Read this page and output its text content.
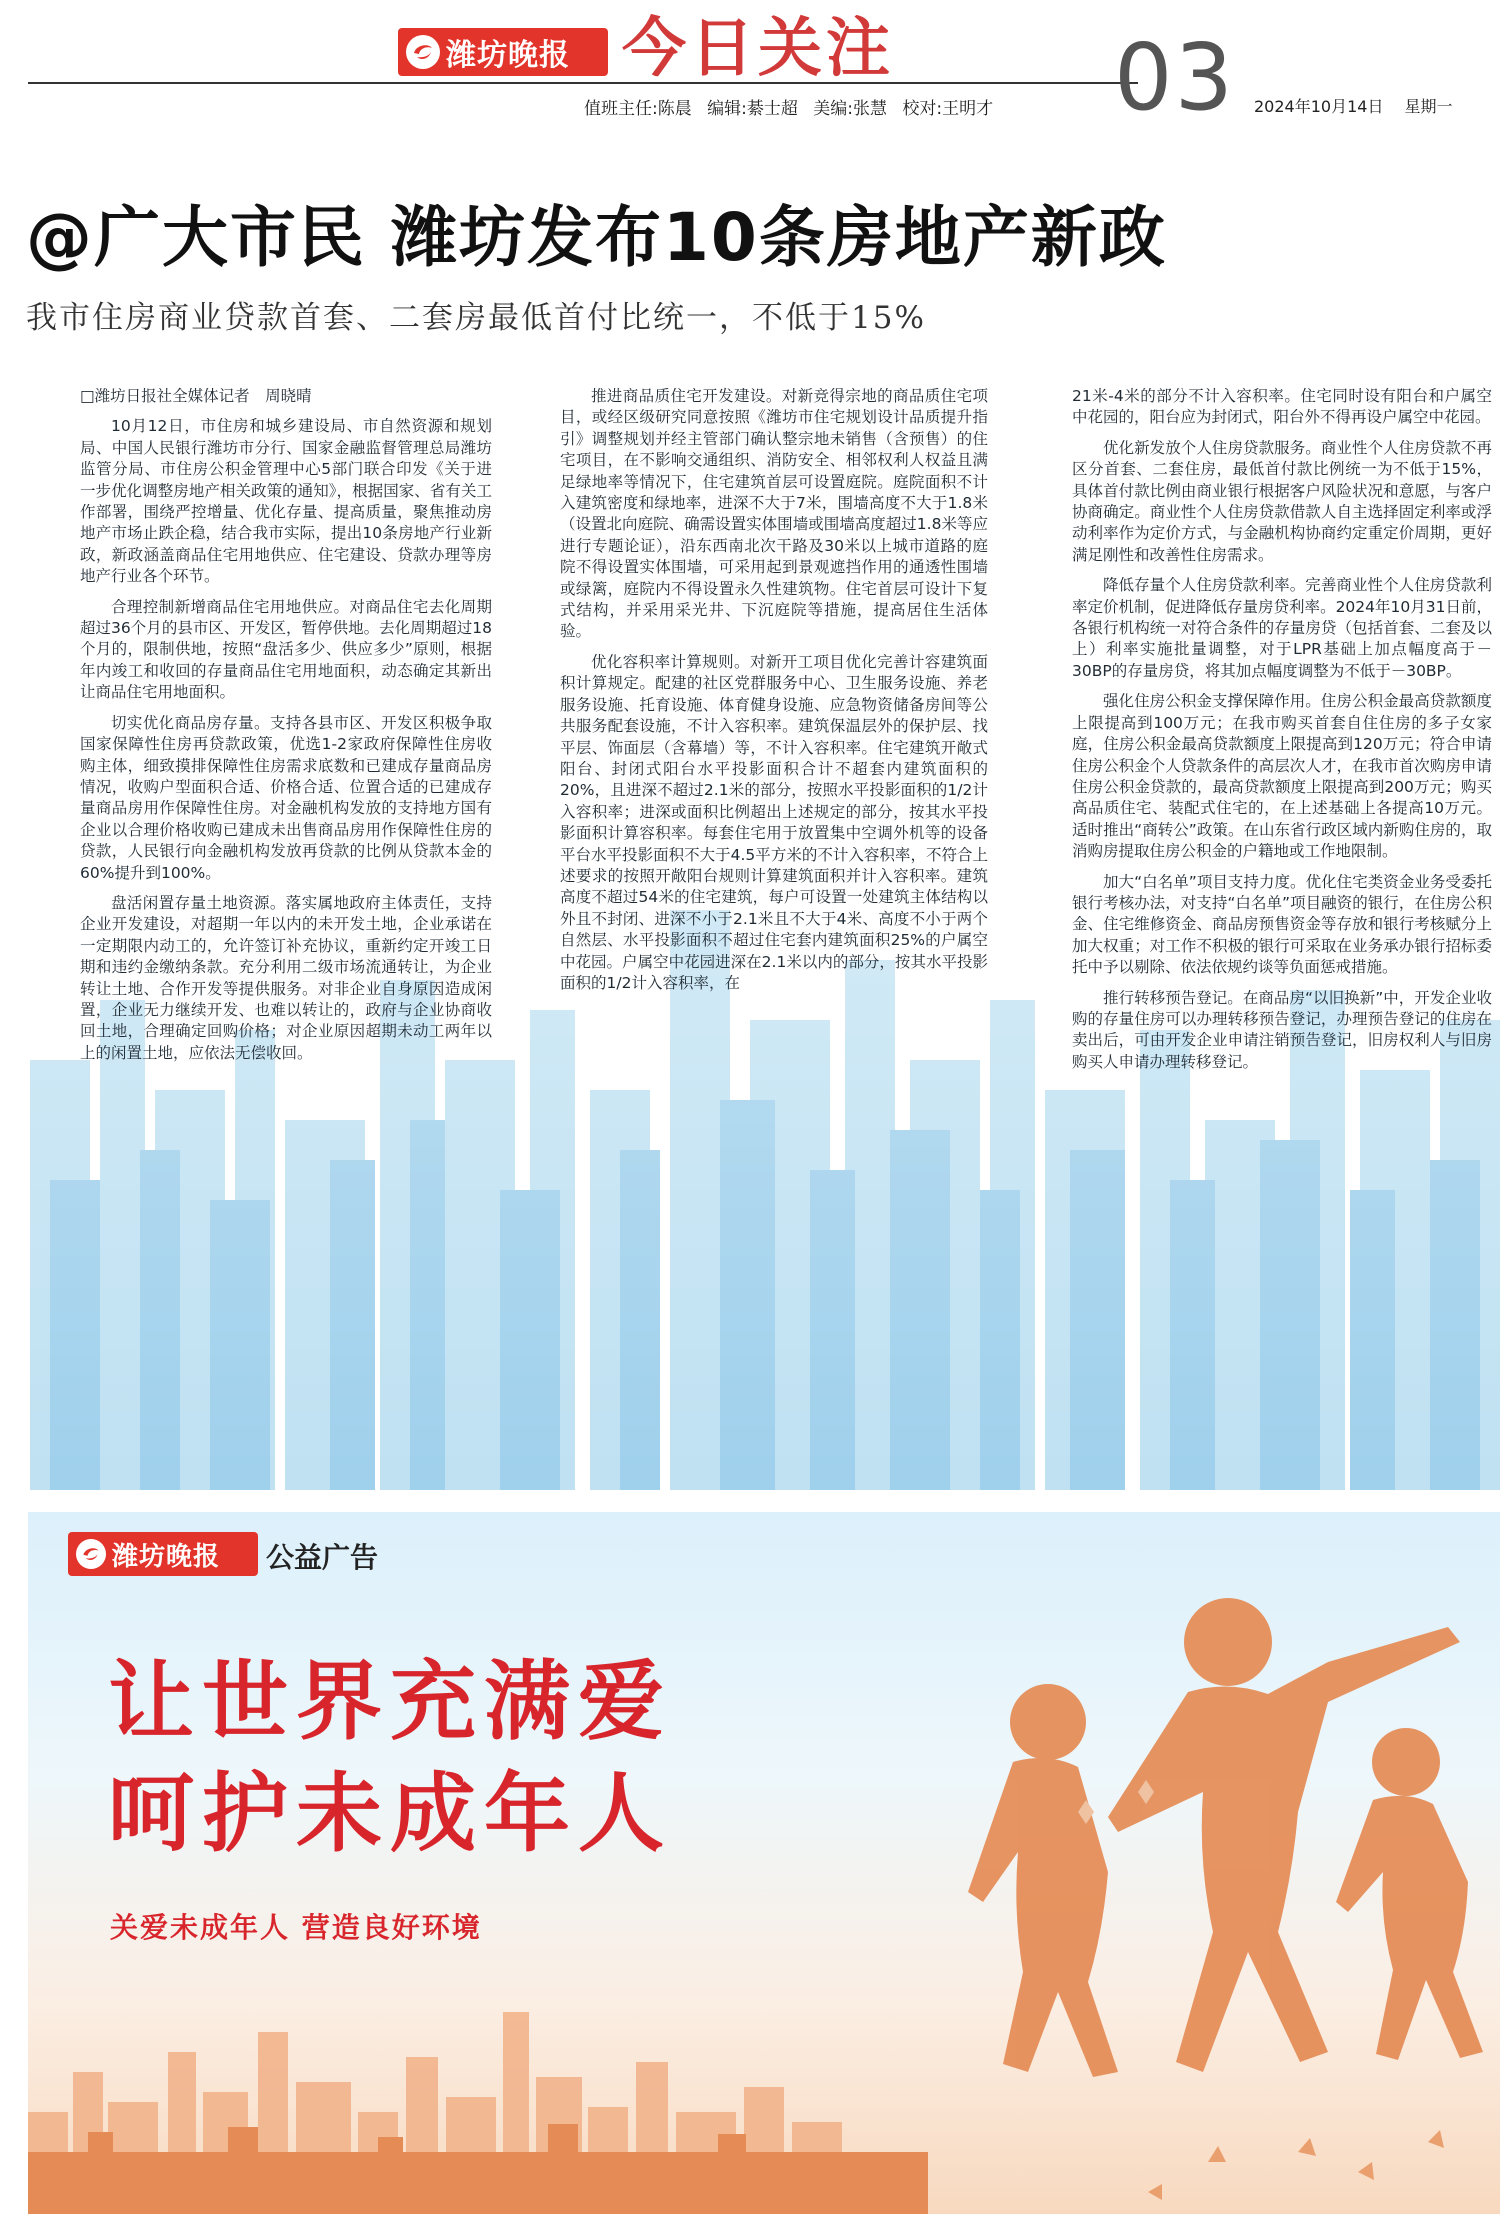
潍坊晚报 今日关注 03
值班主任:陈晨 编辑:綦士超 美编:张慧 校对:王明才	2024年10月14日 星期一
@广大市民 潍坊发布10条房地产新政
我市住房商业贷款首套、二套房最低首付比统一，不低于15%

□潍坊日报社全媒体记者　周晓晴

10月12日，市住房和城乡建设局、市自然资源和规划局、中国人民银行潍坊市分行、国家金融监督管理总局潍坊监管分局、市住房公积金管理中心5部门联合印发《关于进一步优化调整房地产相关政策的通知》，根据国家、省有关工作部署，围绕严控增量、优化存量、提高质量，聚焦推动房地产市场止跌企稳，结合我市实际，提出10条房地产行业新政，新政涵盖商品住宅用地供应、住宅建设、贷款办理等房地产行业各个环节。

合理控制新增商品住宅用地供应。对商品住宅去化周期超过36个月的县市区、开发区，暂停供地。去化周期超过18个月的，限制供地，按照“盘活多少、供应多少”原则，根据年内竣工和收回的存量商品住宅用地面积，动态确定其新出让商品住宅用地面积。

切实优化商品房存量。支持各县市区、开发区积极争取国家保障性住房再贷款政策，优选1-2家政府保障性住房收购主体，细致摸排保障性住房需求底数和已建成存量商品房情况，收购户型面积合适、价格合适、位置合适的已建成存量商品房用作保障性住房。对金融机构发放的支持地方国有企业以合理价格收购已建成未出售商品房用作保障性住房的贷款，人民银行向金融机构发放再贷款的比例从贷款本金的60%提升到100%。

盘活闲置存量土地资源。落实属地政府主体责任，支持企业开发建设，对超期一年以内的未开发土地，企业承诺在一定期限内动工的，允许签订补充协议，重新约定开竣工日期和违约金缴纳条款。充分利用二级市场流通转让，为企业转让土地、合作开发等提供服务。对非企业自身原因造成闲置，企业无力继续开发、也难以转让的，政府与企业协商收回土地，合理确定回购价格；对企业原因超期未动工两年以上的闲置土地，应依法无偿收回。

推进商品质住宅开发建设。对新竞得宗地的商品质住宅项目，或经区级研究同意按照《潍坊市住宅规划设计品质提升指引》调整规划并经主管部门确认整宗地未销售（含预售）的住宅项目，在不影响交通组织、消防安全、相邻权利人权益且满足绿地率等情况下，住宅建筑首层可设置庭院。庭院面积不计入建筑密度和绿地率，进深不大于7米，围墙高度不大于1.8米（设置北向庭院、确需设置实体围墙或围墙高度超过1.8米等应进行专题论证），沿东西南北次干路及30米以上城市道路的庭院不得设置实体围墙，可采用起到景观遮挡作用的通透性围墙或绿篱，庭院内不得设置永久性建筑物。住宅首层可设计下复式结构，并采用采光井、下沉庭院等措施，提高居住生活体验。

优化容积率计算规则。对新开工项目优化完善计容建筑面积计算规定。配建的社区党群服务中心、卫生服务设施、养老服务设施、托育设施、体育健身设施、应急物资储备房间等公共服务配套设施，不计入容积率。建筑保温层外的保护层、找平层、饰面层（含幕墙）等，不计入容积率。住宅建筑开敞式阳台、封闭式阳台水平投影面积合计不超套内建筑面积的20%，且进深不超过2.1米的部分，按照水平投影面积的1/2计入容积率；进深或面积比例超出上述规定的部分，按其水平投影面积计算容积率。每套住宅用于放置集中空调外机等的设备平台水平投影面积不大于4.5平方米的不计入容积率，不符合上述要求的按照开敞阳台规则计算建筑面积并计入容积率。建筑高度不超过54米的住宅建筑，每户可设置一处建筑主体结构以外且不封闭、进深不小于2.1米且不大于4米、高度不小于两个自然层、水平投影面积不超过住宅套内建筑面积25%的户属空中花园。户属空中花园进深在2.1米以内的部分，按其水平投影面积的1/2计入容积率，在

21米-4米的部分不计入容积率。住宅同时设有阳台和户属空中花园的，阳台应为封闭式，阳台外不得再设户属空中花园。

优化新发放个人住房贷款服务。商业性个人住房贷款不再区分首套、二套住房，最低首付款比例统一为不低于15%，具体首付款比例由商业银行根据客户风险状况和意愿，与客户协商确定。商业性个人住房贷款借款人自主选择固定利率或浮动利率作为定价方式，与金融机构协商约定重定价周期，更好满足刚性和改善性住房需求。

降低存量个人住房贷款利率。完善商业性个人住房贷款利率定价机制，促进降低存量房贷利率。2024年10月31日前，各银行机构统一对符合条件的存量房贷（包括首套、二套及以上）利率实施批量调整，对于LPR基础上加点幅度高于－30BP的存量房贷，将其加点幅度调整为不低于－30BP。

强化住房公积金支撑保障作用。住房公积金最高贷款额度上限提高到100万元；在我市购买首套自住住房的多子女家庭，住房公积金最高贷款额度上限提高到120万元；符合申请住房公积金个人贷款条件的高层次人才，在我市首次购房申请住房公积金贷款的，最高贷款额度上限提高到200万元；购买高品质住宅、装配式住宅的，在上述基础上各提高10万元。适时推出“商转公”政策。在山东省行政区域内新购住房的，取消购房提取住房公积金的户籍地或工作地限制。

加大“白名单”项目支持力度。优化住宅类资金业务受委托银行考核办法，对支持“白名单”项目融资的银行，在住房公积金、住宅维修资金、商品房预售资金等存放和银行考核赋分上加大权重；对工作不积极的银行可采取在业务承办银行招标委托中予以剔除、依法依规约谈等负面惩戒措施。

推行转移预告登记。在商品房“以旧换新”中，开发企业收购的存量住房可以办理转移预告登记，办理预告登记的住房在卖出后，可由开发企业申请注销预告登记，旧房权利人与旧房购买人申请办理转移登记。

潍坊晚报 公益广告
让世界充满爱
呵护未成年人
关爱未成年人 营造良好环境
